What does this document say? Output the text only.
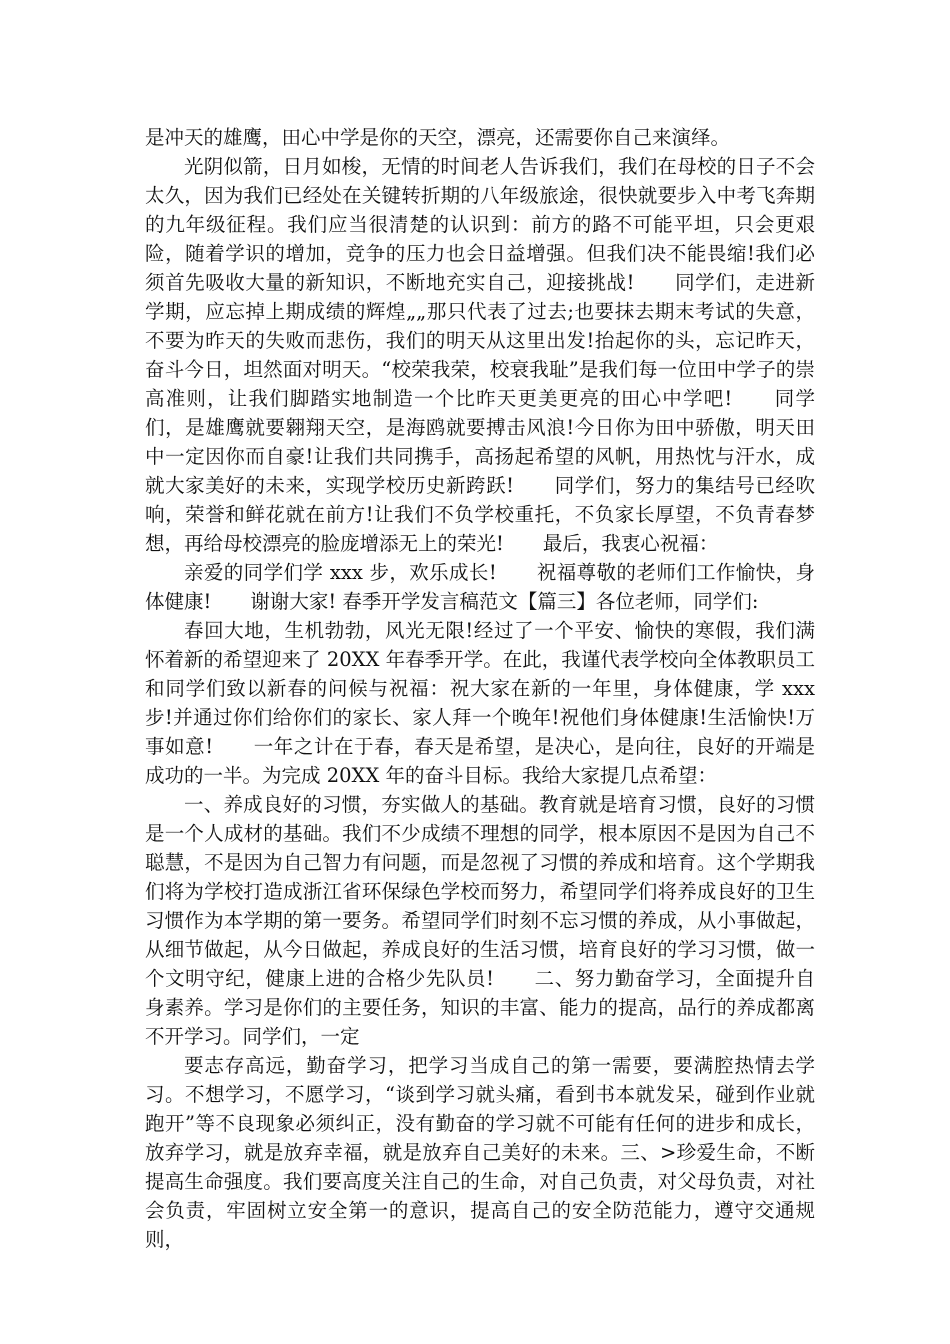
是冲天的雄鹰，田心中学是你的天空，漂亮，还需要你自己来演绎。

光阴似箭，日月如梭，无情的时间老人告诉我们，我们在母校的日子不会太久，因为我们已经处在关键转折期的八年级旅途，很快就要步入中考飞奔期的九年级征程。我们应当很清楚的认识到：前方的路不可能平坦，只会更艰险，随着学识的增加，竞争的压力也会日益增强。但我们决不能畏缩!我们必须首先吸收大量的新知识，不断地充实自己，迎接挑战!　　同学们，走进新学期，应忘掉上期成绩的辉煌„„那只代表了过去;也要抹去期末考试的失意，不要为昨天的失败而悲伤，我们的明天从这里出发!抬起你的头，忘记昨天，奋斗今日，坦然面对明天。“校荣我荣，校衰我耻”是我们每一位田中学子的崇高准则，让我们脚踏实地制造一个比昨天更美更亮的田心中学吧!　　同学们，是雄鹰就要翱翔天空，是海鸥就要搏击风浪!今日你为田中骄傲，明天田中一定因你而自豪!让我们共同携手，高扬起希望的风帆，用热忱与汗水，成就大家美好的未来，实现学校历史新跨跃!　　同学们，努力的集结号已经吹响，荣誉和鲜花就在前方!让我们不负学校重托，不负家长厚望，不负青春梦想，再给母校漂亮的脸庞增添无上的荣光!　　最后，我衷心祝福：

亲爱的同学们学 xxx 步，欢乐成长!　　祝福尊敬的老师们工作愉快，身体健康!　　谢谢大家! 春季开学发言稿范文【篇三】各位老师，同学们:

春回大地，生机勃勃，风光无限!经过了一个平安、愉快的寒假，我们满怀着新的希望迎来了 20XX 年春季开学。在此，我谨代表学校向全体教职员工和同学们致以新春的问候与祝福：祝大家在新的一年里，身体健康，学 xxx 步!并通过你们给你们的家长、家人拜一个晚年!祝他们身体健康!生活愉快!万事如意!　　一年之计在于春，春天是希望，是决心，是向往，良好的开端是成功的一半。为完成 20XX 年的奋斗目标。我给大家提几点希望：

一、养成良好的习惯，夯实做人的基础。教育就是培育习惯，良好的习惯是一个人成材的基础。我们不少成绩不理想的同学，根本原因不是因为自己不聪慧，不是因为自己智力有问题，而是忽视了习惯的养成和培育。这个学期我们将为学校打造成浙江省环保绿色学校而努力，希望同学们将养成良好的卫生习惯作为本学期的第一要务。希望同学们时刻不忘习惯的养成，从小事做起，从细节做起，从今日做起，养成良好的生活习惯，培育良好的学习习惯，做一个文明守纪，健康上进的合格少先队员!　　二、努力勤奋学习，全面提升自身素养。学习是你们的主要任务，知识的丰富、能力的提高，品行的养成都离不开学习。同学们，一定

要志存高远，勤奋学习，把学习当成自己的第一需要，要满腔热情去学习。不想学习，不愿学习，“谈到学习就头痛，看到书本就发呆，碰到作业就跑开”等不良现象必须纠正，没有勤奋的学习就不可能有任何的进步和成长，放弃学习，就是放弃幸福，就是放弃自己美好的未来。三、>珍爱生命，不断提高生命强度。我们要高度关注自己的生命，对自己负责，对父母负责，对社会负责，牢固树立安全第一的意识，提高自己的安全防范能力，遵守交通规则，
